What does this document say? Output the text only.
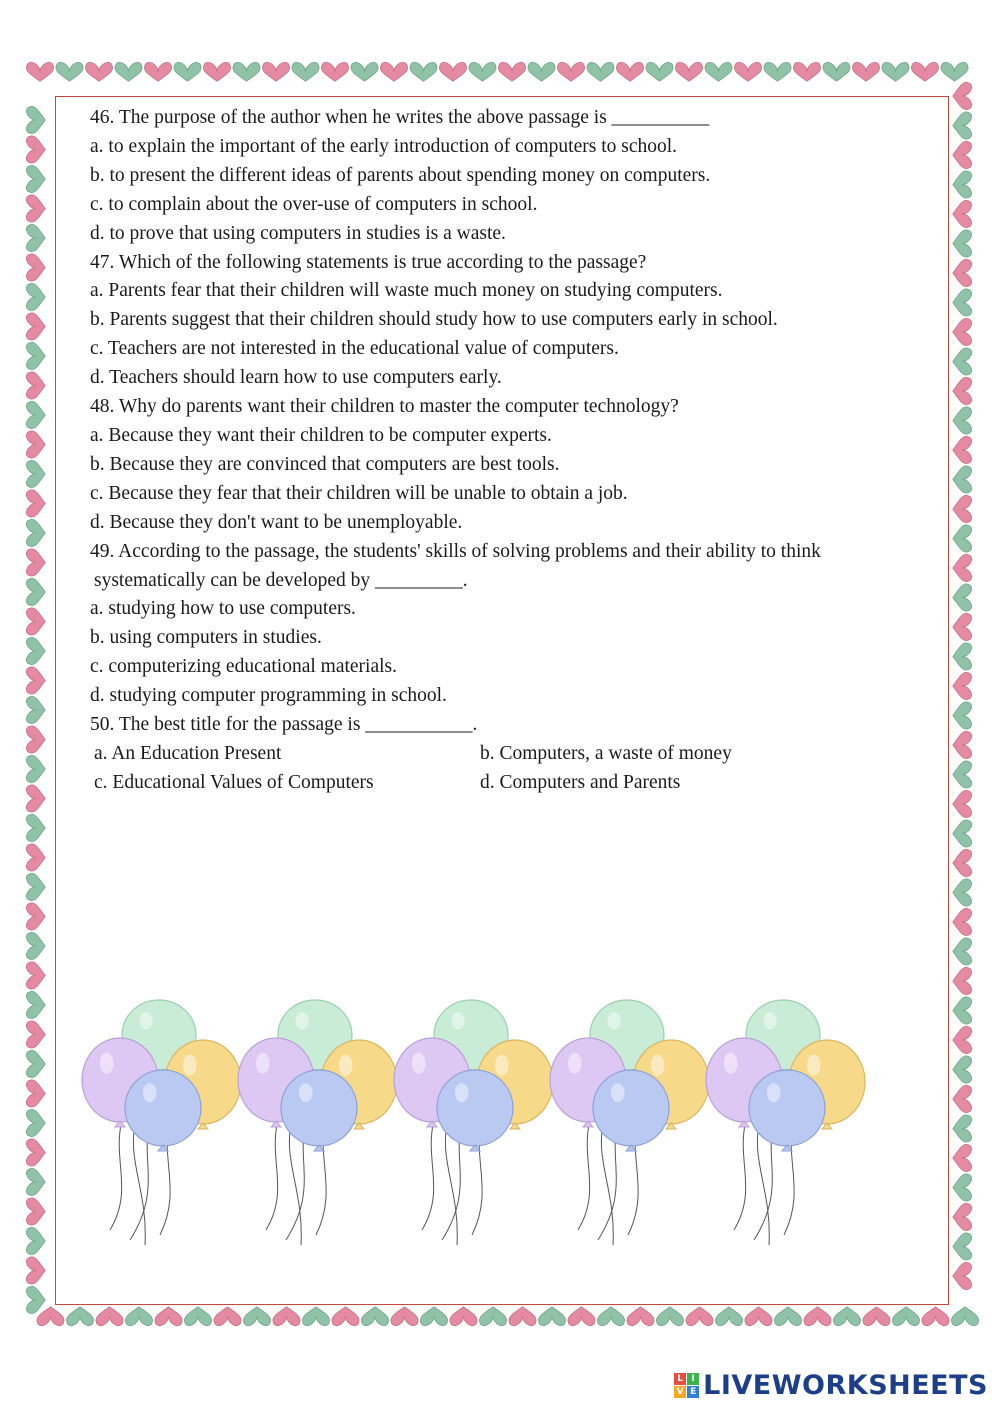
46. The purpose of the author when he writes the above passage is __________
a. to explain the important of the early introduction of computers to school.
b. to present the different ideas of parents about spending money on computers.
c. to complain about the over-use of computers in school.
d. to prove that using computers in studies is a waste.
47. Which of the following statements is true according to the passage?
a. Parents fear that their children will waste much money on studying computers.
b. Parents suggest that their children should study how to use computers early in school.
c. Teachers are not interested in the educational value of computers.
d. Teachers should learn how to use computers early.
48. Why do parents want their children to master the computer technology?
a. Because they want their children to be computer experts.
b. Because they are convinced that computers are best tools.
c. Because they fear that their children will be unable to obtain a job.
d. Because they don't want to be unemployable.
49. According to the passage, the students' skills of solving problems and their ability to think
systematically can be developed by _________.
a. studying how to use computers.
b. using computers in studies.
c. computerizing educational materials.
d. studying computer programming in school.
50. The best title for the passage is ___________.
a. An Education Present	b. Computers, a waste of money
c. Educational Values of Computers	d. Computers and Parents
L I
V E LIVEWORKSHEETS
